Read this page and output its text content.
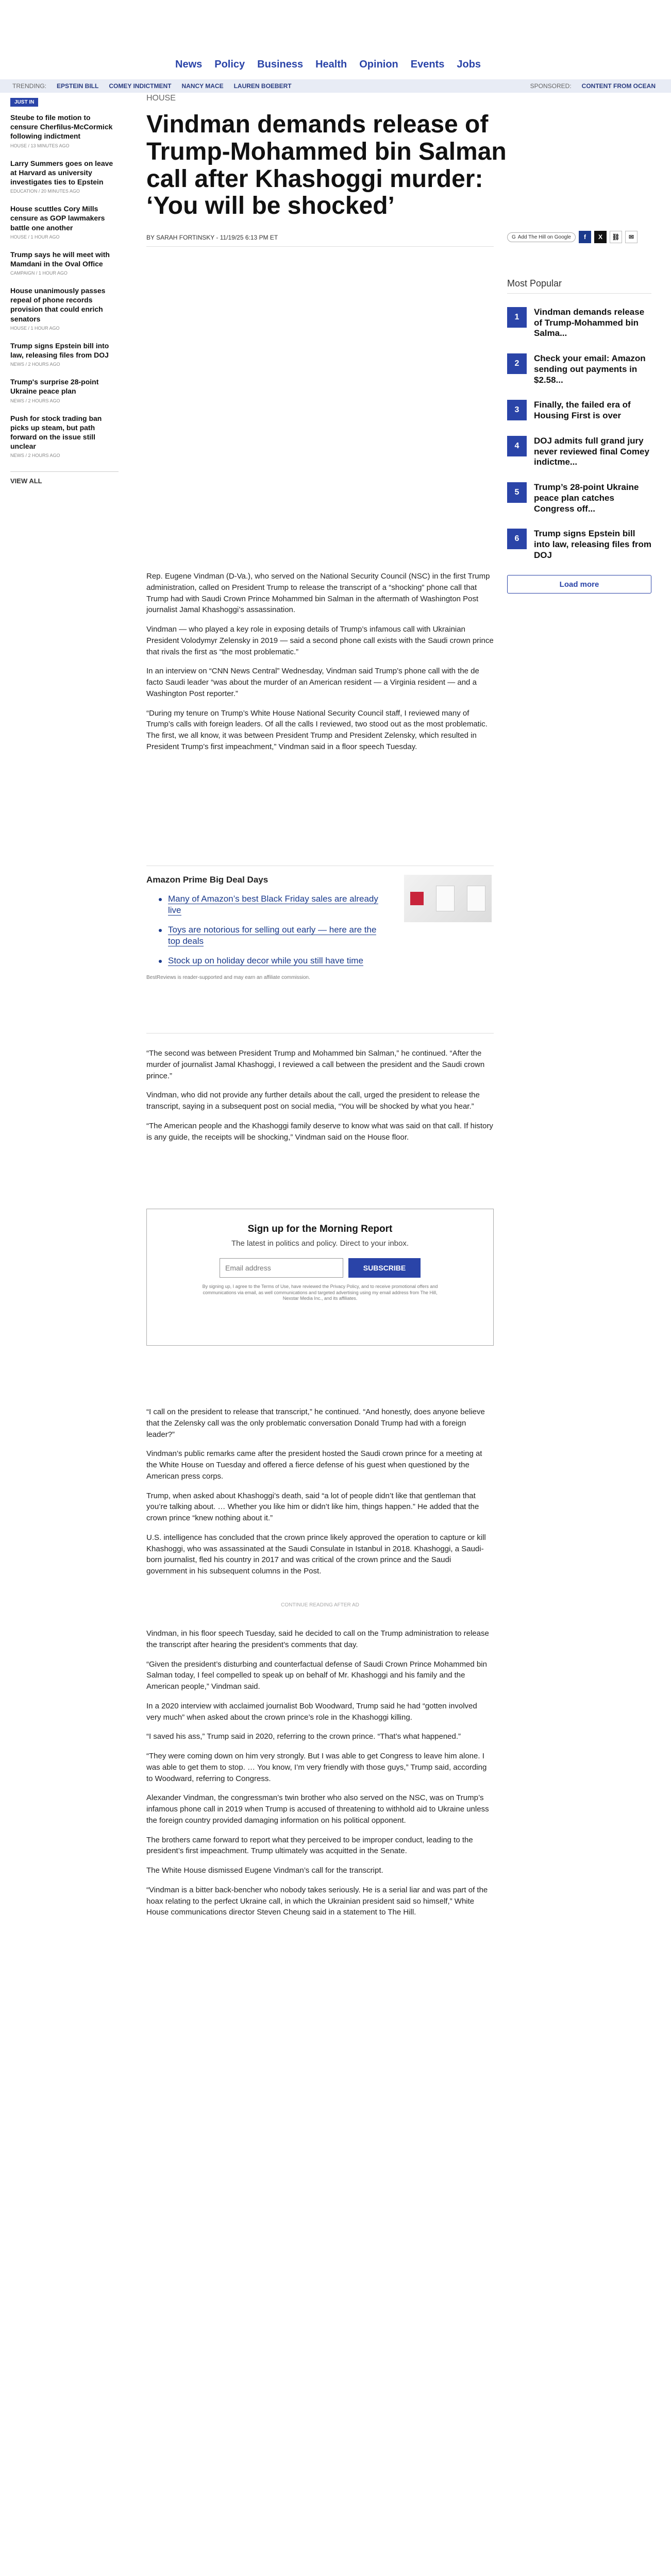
News Policy Business Health Opinion Events Jobs
TRENDING: EPSTEIN BILL COMEY INDICTMENT NANCY MACE LAUREN BOEBERT	SPONSORED: CONTENT FROM OCEAN
JUST IN
Steube to file motion to censure Cherfilus-McCormick following indictment
HOUSE / 13 MINUTES AGO
Larry Summers goes on leave at Harvard as university investigates ties to Epstein
EDUCATION / 20 MINUTES AGO
House scuttles Cory Mills censure as GOP lawmakers battle one another
HOUSE / 1 HOUR AGO
Trump says he will meet with Mamdani in the Oval Office
CAMPAIGN / 1 HOUR AGO
House unanimously passes repeal of phone records provision that could enrich senators
HOUSE / 1 HOUR AGO
Trump signs Epstein bill into law, releasing files from DOJ
NEWS / 2 HOURS AGO
Trump's surprise 28-point Ukraine peace plan
NEWS / 2 HOURS AGO
Push for stock trading ban picks up steam, but path forward on the issue still unclear
NEWS / 2 HOURS AGO
VIEW ALL
HOUSE
Vindman demands release of Trump-Mohammed bin Salman call after Khashoggi murder: ‘You will be shocked’
BY SARAH FORTINSKY - 11/19/25 6:13 PM ET	G Add The Hill on Google	f	X	⛓	✉
Most Popular
1
Vindman demands release of Trump-Mohammed bin Salma...
2
Check your email: Amazon sending out payments in $2.58...
3
Finally, the failed era of Housing First is over
4
DOJ admits full grand jury never reviewed final Comey indictme...
5
Trump’s 28-point Ukraine peace plan catches Congress off...
6
Trump signs Epstein bill into law, releasing files from DOJ
Load more

Rep. Eugene Vindman (D-Va.), who served on the National Security Council (NSC) in the first Trump administration, called on President Trump to release the transcript of a “shocking” phone call that Trump had with Saudi Crown Prince Mohammed bin Salman in the aftermath of Washington Post journalist Jamal Khashoggi’s assassination.

Vindman — who played a key role in exposing details of Trump’s infamous call with Ukrainian President Volodymyr Zelensky in 2019 — said a second phone call exists with the Saudi crown prince that rivals the first as “the most problematic.”

In an interview on “CNN News Central” Wednesday, Vindman said Trump’s phone call with the de facto Saudi leader “was about the murder of an American resident — a Virginia resident — and a Washington Post reporter.”

“During my tenure on Trump’s White House National Security Council staff, I reviewed many of Trump’s calls with foreign leaders. Of all the calls I reviewed, two stood out as the most problematic. The first, we all know, it was between President Trump and President Zelensky, which resulted in President Trump’s first impeachment,” Vindman said in a floor speech Tuesday.

Amazon Prime Big Deal Days
Many of Amazon’s best Black Friday sales are already live
Toys are notorious for selling out early — here are the top deals
Stock up on holiday decor while you still have time
BestReviews is reader-supported and may earn an affiliate commission.

“The second was between President Trump and Mohammed bin Salman,” he continued. “After the murder of journalist Jamal Khashoggi, I reviewed a call between the president and the Saudi crown prince.”

Vindman, who did not provide any further details about the call, urged the president to release the transcript, saying in a subsequent post on social media, “You will be shocked by what you hear.”

“The American people and the Khashoggi family deserve to know what was said on that call. If history is any guide, the receipts will be shocking,” Vindman said on the House floor.

Sign up for the Morning Report
The latest in politics and policy. Direct to your inbox.
Email address
SUBSCRIBE
By signing up, I agree to the Terms of Use, have reviewed the Privacy Policy, and to receive promotional offers and communications via email, as well communications and targeted advertising using my email address from The Hill, Nexstar Media Inc., and its affiliates.

“I call on the president to release that transcript,” he continued. “And honestly, does anyone believe that the Zelensky call was the only problematic conversation Donald Trump had with a foreign leader?”

Vindman’s public remarks came after the president hosted the Saudi crown prince for a meeting at the White House on Tuesday and offered a fierce defense of his guest when questioned by the American press corps.

Trump, when asked about Khashoggi’s death, said “a lot of people didn’t like that gentleman that you’re talking about. … Whether you like him or didn’t like him, things happen.” He added that the crown prince “knew nothing about it.”

U.S. intelligence has concluded that the crown prince likely approved the operation to capture or kill Khashoggi, who was assassinated at the Saudi Consulate in Istanbul in 2018. Khashoggi, a Saudi-born journalist, fled his country in 2017 and was critical of the crown prince and the Saudi government in his subsequent columns in the Post.

CONTINUE READING AFTER AD

Vindman, in his floor speech Tuesday, said he decided to call on the Trump administration to release the transcript after hearing the president’s comments that day.

“Given the president’s disturbing and counterfactual defense of Saudi Crown Prince Mohammed bin Salman today, I feel compelled to speak up on behalf of Mr. Khashoggi and his family and the American people,” Vindman said.

In a 2020 interview with acclaimed journalist Bob Woodward, Trump said he had “gotten involved very much” when asked about the crown prince’s role in the Khashoggi killing.

“I saved his ass,” Trump said in 2020, referring to the crown prince. “That’s what happened.”

“They were coming down on him very strongly. But I was able to get Congress to leave him alone. I was able to get them to stop. … You know, I’m very friendly with those guys,” Trump said, according to Woodward, referring to Congress.

Alexander Vindman, the congressman’s twin brother who also served on the NSC, was on Trump’s infamous phone call in 2019 when Trump is accused of threatening to withhold aid to Ukraine unless the foreign country provided damaging information on his political opponent.

The brothers came forward to report what they perceived to be improper conduct, leading to the president’s first impeachment. Trump ultimately was acquitted in the Senate.

The White House dismissed Eugene Vindman’s call for the transcript.

“Vindman is a bitter back-bencher who nobody takes seriously. He is a serial liar and was part of the hoax relating to the perfect Ukraine call, in which the Ukrainian president said so himself,” White House communications director Steven Cheung said in a statement to The Hill.
